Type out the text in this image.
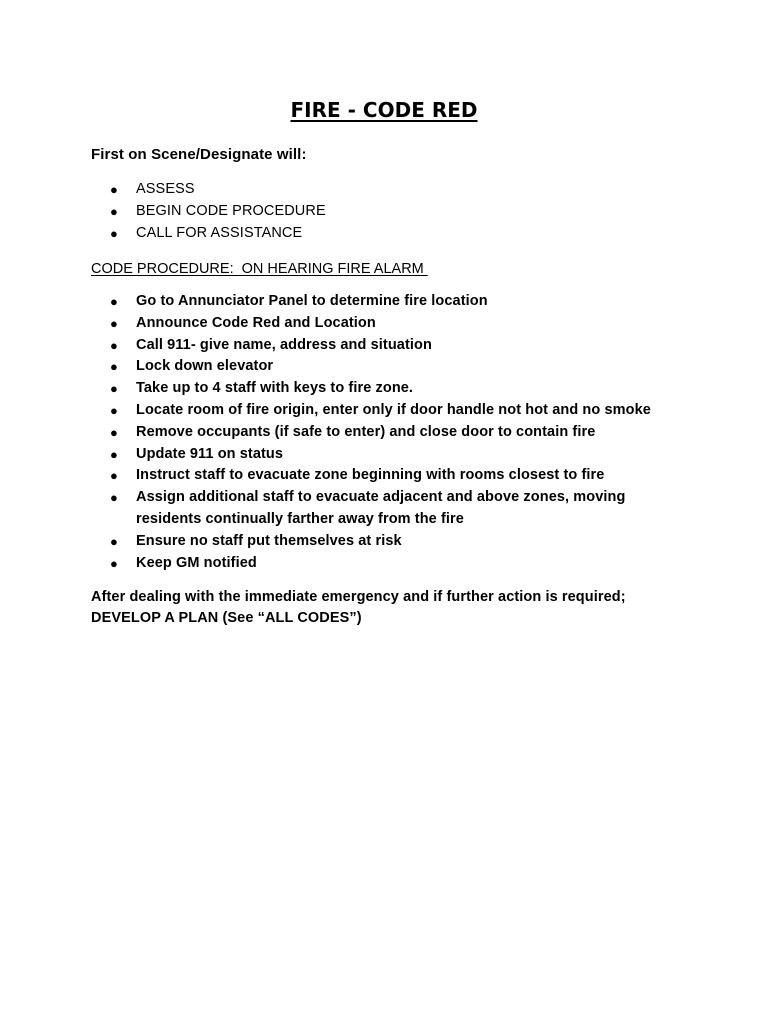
FIRE - CODE RED

First on Scene/Designate will:

●	ASSESS
●	BEGIN CODE PROCEDURE
●	CALL FOR ASSISTANCE

CODE PROCEDURE:  ON HEARING FIRE ALARM

●	Go to Annunciator Panel to determine fire location
●	Announce Code Red and Location
●	Call 911- give name, address and situation
●	Lock down elevator
●	Take up to 4 staff with keys to fire zone.
●	Locate room of fire origin, enter only if door handle not hot and no smoke
●	Remove occupants (if safe to enter) and close door to contain fire
●	Update 911 on status
●	Instruct staff to evacuate zone beginning with rooms closest to fire
●	Assign additional staff to evacuate adjacent and above zones, moving residents continually farther away from the fire
●	Ensure no staff put themselves at risk
●	Keep GM notified

After dealing with the immediate emergency and if further action is required;
DEVELOP A PLAN (See “ALL CODES”)
